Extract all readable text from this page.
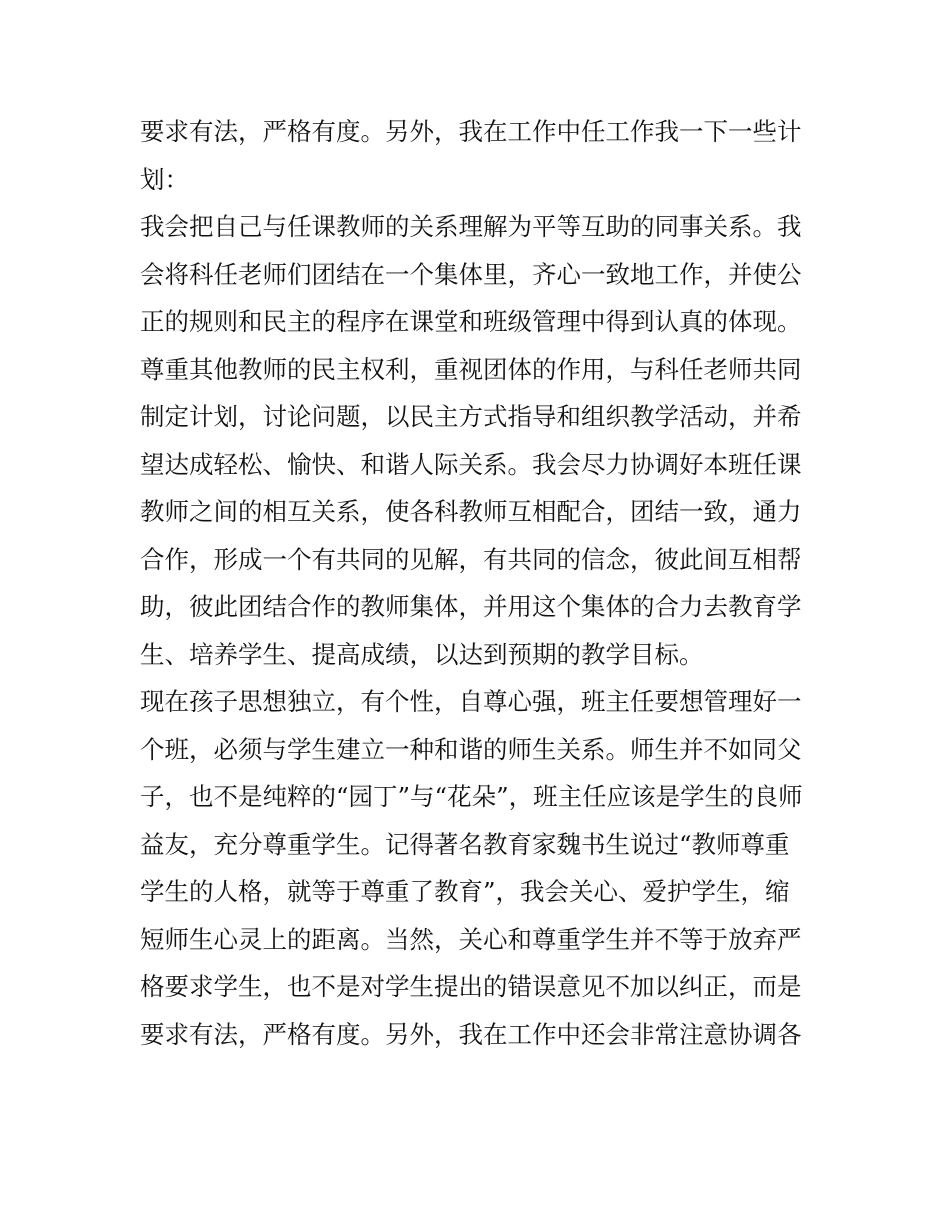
要求有法，严格有度。另外，我在工作中任工作我一下一些计
划：
我会把自己与任课教师的关系理解为平等互助的同事关系。我
会将科任老师们团结在一个集体里，齐心一致地工作，并使公
正的规则和民主的程序在课堂和班级管理中得到认真的体现。
尊重其他教师的民主权利，重视团体的作用，与科任老师共同
制定计划，讨论问题，以民主方式指导和组织教学活动，并希
望达成轻松、愉快、和谐人际关系。我会尽力协调好本班任课
教师之间的相互关系，使各科教师互相配合，团结一致，通力
合作，形成一个有共同的见解，有共同的信念，彼此间互相帮
助，彼此团结合作的教师集体，并用这个集体的合力去教育学
生、培养学生、提高成绩，以达到预期的教学目标。
现在孩子思想独立，有个性，自尊心强，班主任要想管理好一
个班，必须与学生建立一种和谐的师生关系。师生并不如同父
子，也不是纯粹的“园丁”与“花朵”，班主任应该是学生的良师
益友，充分尊重学生。记得著名教育家魏书生说过“教师尊重
学生的人格，就等于尊重了教育”，我会关心、爱护学生，缩
短师生心灵上的距离。当然，关心和尊重学生并不等于放弃严
格要求学生，也不是对学生提出的错误意见不加以纠正，而是
要求有法，严格有度。另外，我在工作中还会非常注意协调各
